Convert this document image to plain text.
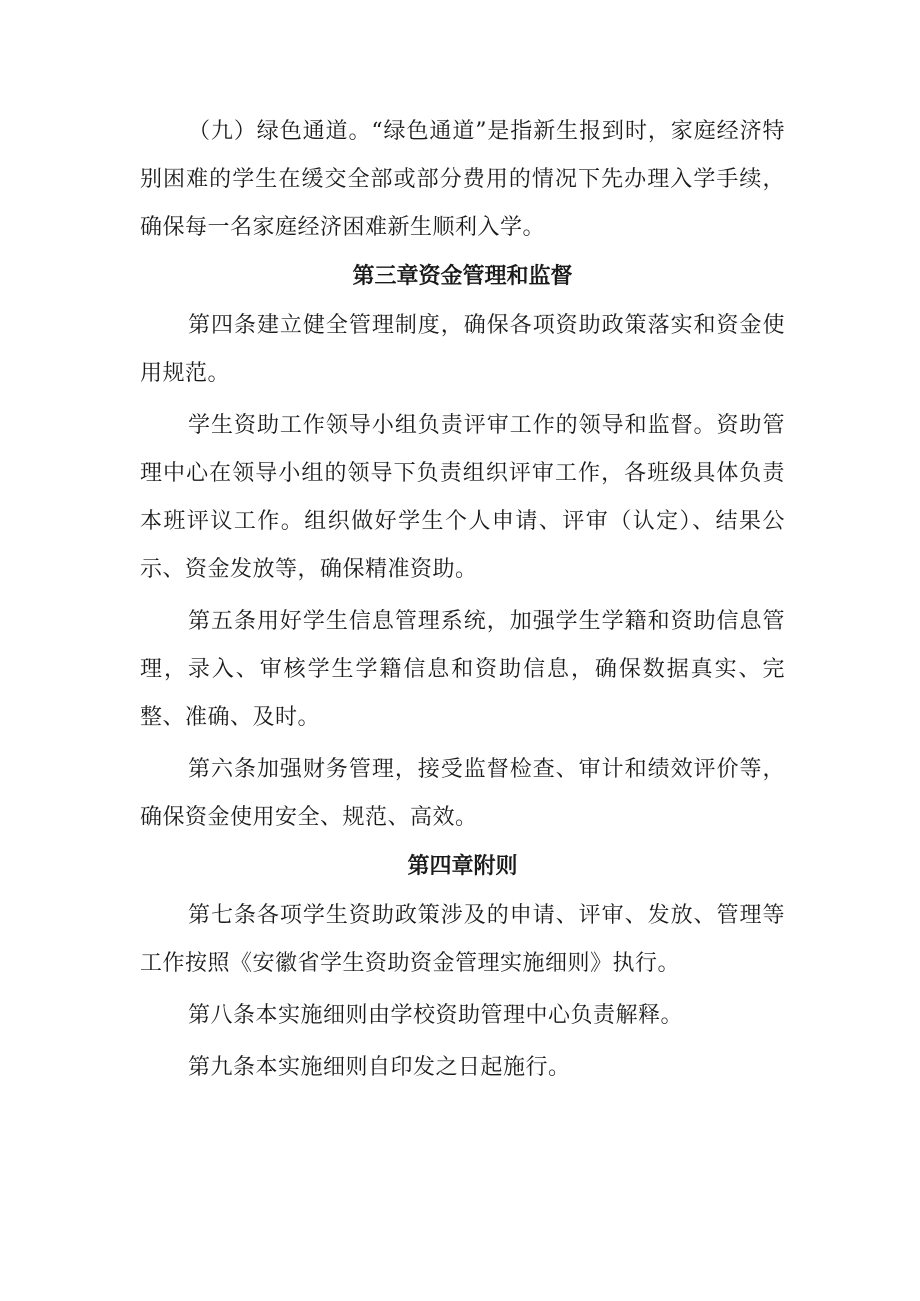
（九）绿色通道。“绿色通道”是指新生报到时，家庭经济特别困难的学生在缓交全部或部分费用的情况下先办理入学手续，确保每一名家庭经济困难新生顺利入学。

第三章资金管理和监督

第四条建立健全管理制度，确保各项资助政策落实和资金使用规范。

学生资助工作领导小组负责评审工作的领导和监督。资助管理中心在领导小组的领导下负责组织评审工作，各班级具体负责本班评议工作。组织做好学生个人申请、评审（认定）、结果公示、资金发放等，确保精准资助。

第五条用好学生信息管理系统，加强学生学籍和资助信息管理，录入、审核学生学籍信息和资助信息，确保数据真实、完整、准确、及时。

第六条加强财务管理，接受监督检查、审计和绩效评价等，确保资金使用安全、规范、高效。

第四章附则

第七条各项学生资助政策涉及的申请、评审、发放、管理等工作按照《安徽省学生资助资金管理实施细则》执行。

第八条本实施细则由学校资助管理中心负责解释。

第九条本实施细则自印发之日起施行。
